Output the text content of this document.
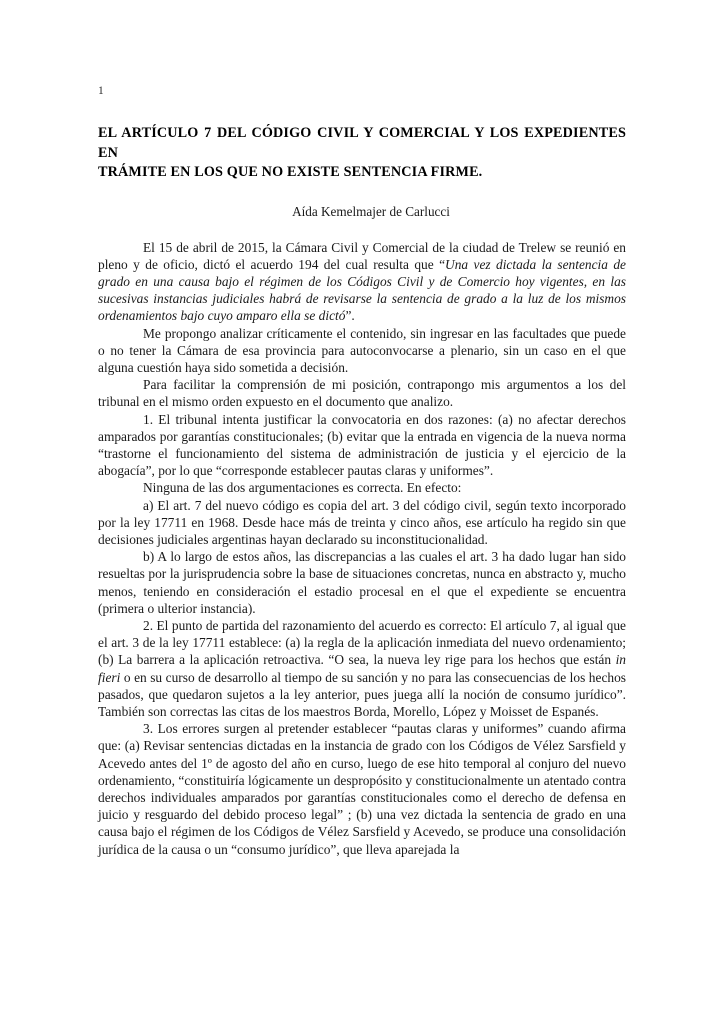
1
EL ARTÍCULO 7 DEL CÓDIGO CIVIL Y COMERCIAL Y LOS EXPEDIENTES EN
TRÁMITE EN LOS QUE NO EXISTE SENTENCIA FIRME.
Aída Kemelmajer de Carlucci

El 15 de abril de 2015, la Cámara Civil y Comercial de la ciudad de Trelew se reunió en pleno y de oficio, dictó el acuerdo 194 del cual resulta que “Una vez dictada la sentencia de grado en una causa bajo el régimen de los Códigos Civil y de Comercio hoy vigentes, en las sucesivas instancias judiciales habrá de revisarse la sentencia de grado a la luz de los mismos ordenamientos bajo cuyo amparo ella se dictó”.

Me propongo analizar críticamente el contenido, sin ingresar en las facultades que puede o no tener la Cámara de esa provincia para autoconvocarse a plenario, sin un caso en el que alguna cuestión haya sido sometida a decisión.

Para facilitar la comprensión de mi posición, contrapongo mis argumentos a los del tribunal en el mismo orden expuesto en el documento que analizo.

1. El tribunal intenta justificar la convocatoria en dos razones: (a) no afectar derechos amparados por garantías constitucionales; (b) evitar que la entrada en vigencia de la nueva norma “trastorne el funcionamiento del sistema de administración de justicia y el ejercicio de la abogacía”, por lo que “corresponde establecer pautas claras y uniformes”.

Ninguna de las dos argumentaciones es correcta. En efecto:

a) El art. 7 del nuevo código es copia del art. 3 del código civil, según texto incorporado por la ley 17711 en 1968. Desde hace más de treinta y cinco años, ese artículo ha regido sin que decisiones judiciales argentinas hayan declarado su inconstitucionalidad.

b) A lo largo de estos años, las discrepancias a las cuales el art. 3 ha dado lugar han sido resueltas por la jurisprudencia sobre la base de situaciones concretas, nunca en abstracto y, mucho menos, teniendo en consideración el estadio procesal en el que el expediente se encuentra (primera o ulterior instancia).

2. El punto de partida del razonamiento del acuerdo es correcto: El artículo 7, al igual que el art. 3 de la ley 17711 establece: (a) la regla de la aplicación inmediata del nuevo ordenamiento; (b) La barrera a la aplicación retroactiva. “O sea, la nueva ley rige para los hechos que están in fieri o en su curso de desarrollo al tiempo de su sanción y no para las consecuencias de los hechos pasados, que quedaron sujetos a la ley anterior, pues juega allí la noción de consumo jurídico”. También son correctas las citas de los maestros Borda, Morello, López y Moisset de Espanés.

3. Los errores surgen al pretender establecer “pautas claras y uniformes” cuando afirma que: (a) Revisar sentencias dictadas en la instancia de grado con los Códigos de Vélez Sarsfield y Acevedo antes del 1º de agosto del año en curso, luego de ese hito temporal al conjuro del nuevo ordenamiento, “constituiría lógicamente un despropósito y constitucionalmente un atentado contra derechos individuales amparados por garantías constitucionales como el derecho de defensa en juicio y resguardo del debido proceso legal” ; (b) una vez dictada la sentencia de grado en una causa bajo el régimen de los Códigos de Vélez Sarsfield y Acevedo, se produce una consolidación jurídica de la causa o un “consumo jurídico”, que lleva aparejada la
